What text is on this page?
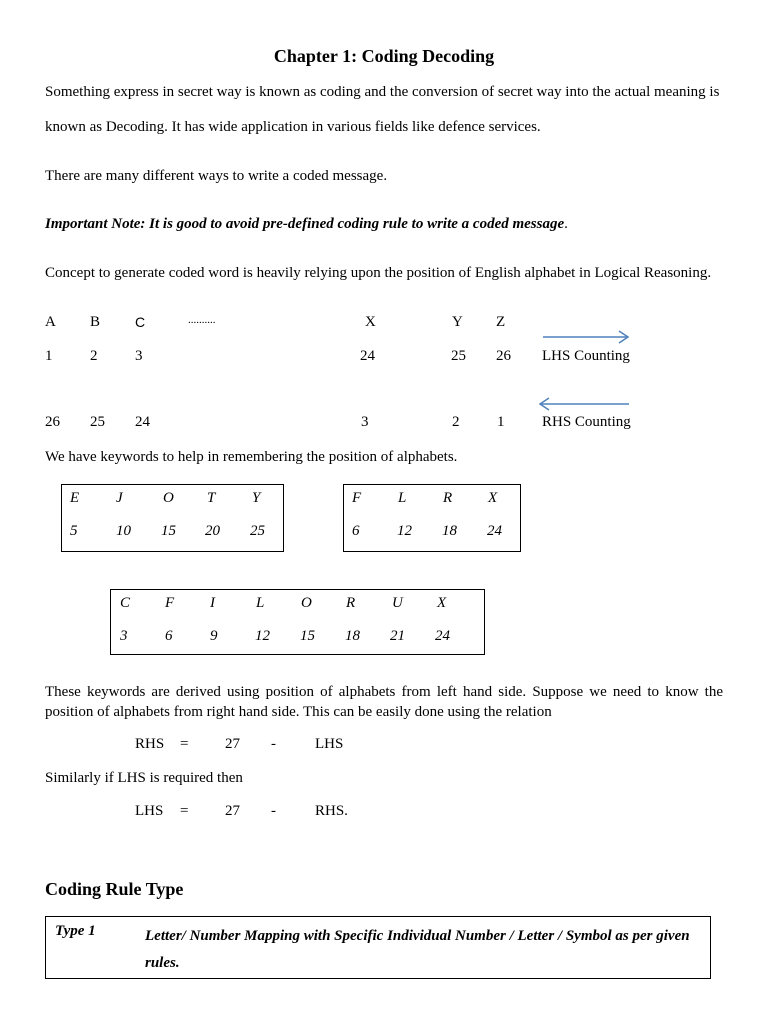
Chapter 1: Coding Decoding
Something express in secret way is known as coding and the conversion of secret way into the actual meaning is
known as Decoding. It has wide application in various fields like defence services.
There are many different ways to write a coded message.
Important Note: It is good to avoid pre-defined coding rule to write a coded message.
Concept to generate coded word is heavily relying upon the position of English alphabet in Logical Reasoning.
A B C	..........	X	Y Z
1	2	3	24	25 26 LHS Counting
26 25 24	3	2	1	RHS Counting
We have keywords to help in remembering the position of alphabets.
E J	O T Y
5	10 15 20 25
F L R X
6	12 18 24
C F I	L O R U X
3	6	9	12 15 18 21 24
These keywords are derived using position of alphabets from left hand side. Suppose we need to know the position of alphabets from right hand side. This can be easily done using the relation
RHS = 27 -	LHS
Similarly if LHS is required then
LHS = 27 -	RHS.
Coding Rule Type
Type 1	Letter/ Number Mapping with Specific Individual Number / Letter / Symbol as per given rules.
